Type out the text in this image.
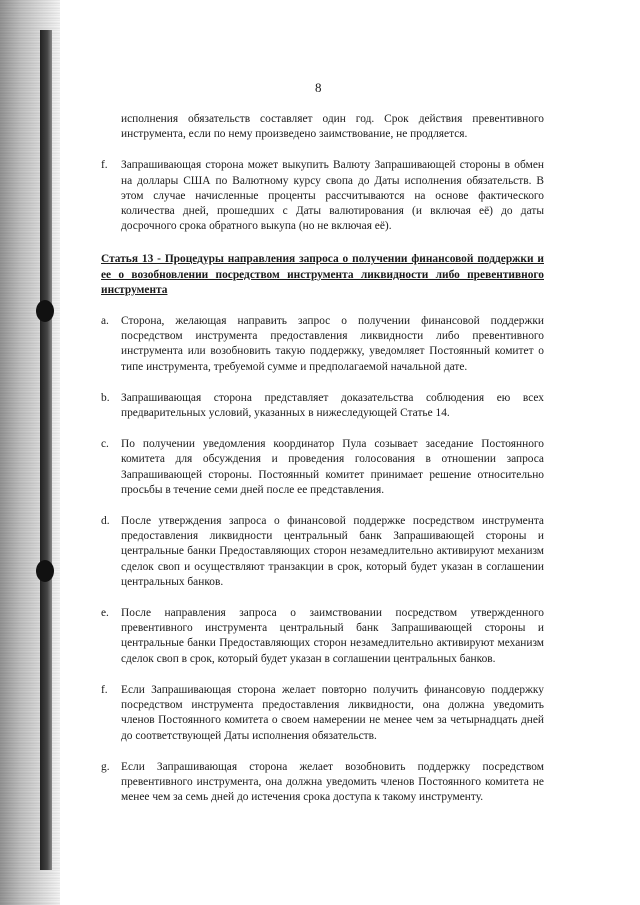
8

исполнения обязательств составляет один год. Срок действия превентивного инструмента, если по нему произведено заимствование, не продляется.

f.	Запрашивающая сторона может выкупить Валюту Запрашивающей стороны в обмен на доллары США по Валютному курсу свопа до Даты исполнения обязательств. В этом случае начисленные проценты рассчитываются на основе фактического количества дней, прошедших с Даты валютирования (и включая её) до даты досрочного срока обратного выкупа (но не включая её).
Статья 13 - Процедуры направления запроса о получении финансовой поддержки и ее о возобновлении посредством инструмента ликвидности либо превентивного инструмента
a.	Сторона, желающая направить запрос о получении финансовой поддержки посредством инструмента предоставления ликвидности либо превентивного инструмента или возобновить такую поддержку, уведомляет Постоянный комитет о типе инструмента, требуемой сумме и предполагаемой начальной дате.
b.	Запрашивающая сторона представляет доказательства соблюдения ею всех предварительных условий, указанных в нижеследующей Статье 14.
c.	По получении уведомления координатор Пула созывает заседание Постоянного комитета для обсуждения и проведения голосования в отношении запроса Запрашивающей стороны. Постоянный комитет принимает решение относительно просьбы в течение семи дней после ее представления.
d.	После утверждения запроса о финансовой поддержке посредством инструмента предоставления ликвидности центральный банк Запрашивающей стороны и центральные банки Предоставляющих сторон незамедлительно активируют механизм сделок своп и осуществляют транзакции в срок, который будет указан в соглашении центральных банков.
e.	После направления запроса о заимствовании посредством утвержденного превентивного инструмента центральный банк Запрашивающей стороны и центральные банки Предоставляющих сторон незамедлительно активируют механизм сделок своп в срок, который будет указан в соглашении центральных банков.
f.	Если Запрашивающая сторона желает повторно получить финансовую поддержку посредством инструмента предоставления ликвидности, она должна уведомить членов Постоянного комитета о своем намерении не менее чем за четырнадцать дней до соответствующей Даты исполнения обязательств.
g.	Если Запрашивающая сторона желает возобновить поддержку посредством превентивного инструмента, она должна уведомить членов Постоянного комитета не менее чем за семь дней до истечения срока доступа к такому инструменту.
